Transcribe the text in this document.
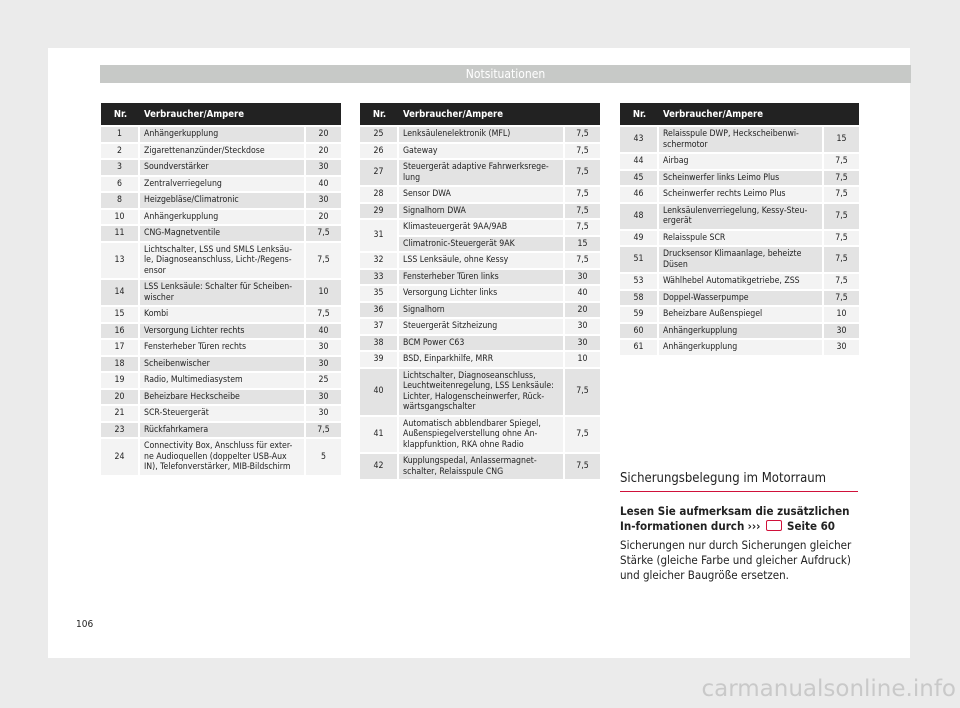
Notsituationen
Nr.	Verbraucher/Ampere	
1	Anhängerkupplung	20
2	Zigarettenanzünder/Steckdose	20
3	Soundverstärker	30
6	Zentralverriegelung	40
8	Heizgebläse/Climatronic	30
10	Anhängerkupplung	20
11	CNG-Magnetventile	7,5
13	Lichtschalter, LSS und SMLS Lenksäu-le, Diagnoseanschluss, Licht-/Regens-ensor	7,5
14	LSS Lenksäule: Schalter für Scheiben-wischer	10
15	Kombi	7,5
16	Versorgung Lichter rechts	40
17	Fensterheber Türen rechts	30
18	Scheibenwischer	30
19	Radio, Multimediasystem	25
20	Beheizbare Heckscheibe	30
21	SCR-Steuergerät	30
23	Rückfahrkamera	7,5
24	Connectivity Box, Anschluss für exter-ne Audioquellen (doppelter USB-Aux IN), Telefonverstärker, MIB-Bildschirm	5
Nr.	Verbraucher/Ampere	
25	Lenksäulenelektronik (MFL)	7,5
26	Gateway	7,5
27	Steuergerät adaptive Fahrwerksrege-lung	7,5
28	Sensor DWA	7,5
29	Signalhorn DWA	7,5
31	Klimasteuergerät 9AA/9AB	7,5
	Climatronic-Steuergerät 9AK	15
32	LSS Lenksäule, ohne Kessy	7,5
33	Fensterheber Türen links	30
35	Versorgung Lichter links	40
36	Signalhorn	20
37	Steuergerät Sitzheizung	30
38	BCM Power C63	30
39	BSD, Einparkhilfe, MRR	10
40	Lichtschalter, Diagnoseanschluss, Leuchtweitenregelung, LSS Lenksäule: Lichter, Halogenscheinwerfer, Rück-wärtsgangschalter	7,5
41	Automatisch abblendbarer Spiegel, Außenspiegelverstellung ohne An-klappfunktion, RKA ohne Radio	7,5
42	Kupplungspedal, Anlassermagnet-schalter, Relaisspule CNG	7,5
Nr.	Verbraucher/Ampere	
43	Relaisspule DWP, Heckscheibenwi-schermotor	15
44	Airbag	7,5
45	Scheinwerfer links Leimo Plus	7,5
46	Scheinwerfer rechts Leimo Plus	7,5
48	Lenksäulenverriegelung, Kessy-Steu-ergerät	7,5
49	Relaisspule SCR	7,5
51	Drucksensor Klimaanlage, beheizte Düsen	7,5
53	Wählhebel Automatikgetriebe, ZSS	7,5
58	Doppel-Wasserpumpe	7,5
59	Beheizbare Außenspiegel	10
60	Anhängerkupplung	30
61	Anhängerkupplung	30
Sicherungsbelegung im Motorraum
Lesen Sie aufmerksam die zusätzlichen In-formationen durch ››› Seite 60
Sicherungen nur durch Sicherungen gleicher Stärke (gleiche Farbe und gleicher Aufdruck) und gleicher Baugröße ersetzen.
106
carmanualsonline.info
